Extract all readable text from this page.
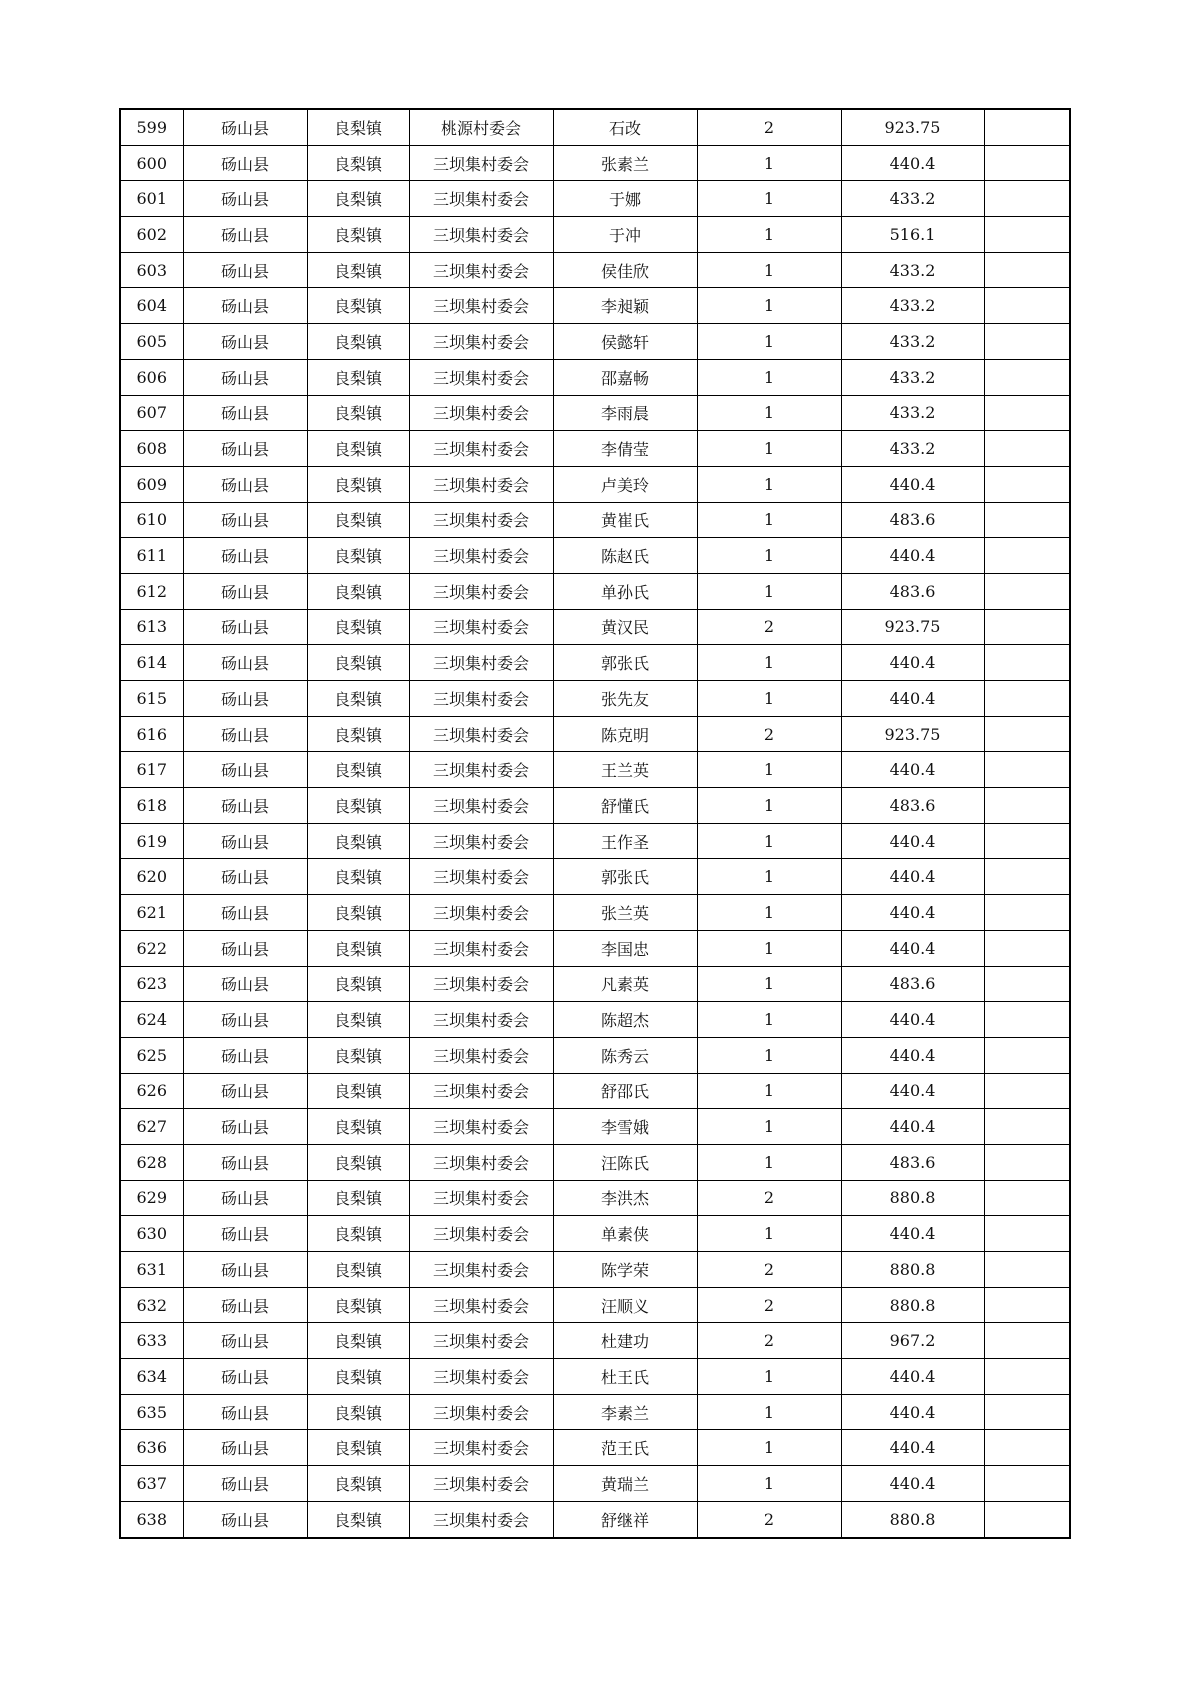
599	砀山县	良梨镇	桃源村委会	石改	2	923.75	
600	砀山县	良梨镇	三坝集村委会	张素兰	1	440.4	
601	砀山县	良梨镇	三坝集村委会	于娜	1	433.2	
602	砀山县	良梨镇	三坝集村委会	于冲	1	516.1	
603	砀山县	良梨镇	三坝集村委会	侯佳欣	1	433.2	
604	砀山县	良梨镇	三坝集村委会	李昶颖	1	433.2	
605	砀山县	良梨镇	三坝集村委会	侯懿轩	1	433.2	
606	砀山县	良梨镇	三坝集村委会	邵嘉畅	1	433.2	
607	砀山县	良梨镇	三坝集村委会	李雨晨	1	433.2	
608	砀山县	良梨镇	三坝集村委会	李倩莹	1	433.2	
609	砀山县	良梨镇	三坝集村委会	卢美玲	1	440.4	
610	砀山县	良梨镇	三坝集村委会	黄崔氏	1	483.6	
611	砀山县	良梨镇	三坝集村委会	陈赵氏	1	440.4	
612	砀山县	良梨镇	三坝集村委会	单孙氏	1	483.6	
613	砀山县	良梨镇	三坝集村委会	黄汉民	2	923.75	
614	砀山县	良梨镇	三坝集村委会	郭张氏	1	440.4	
615	砀山县	良梨镇	三坝集村委会	张先友	1	440.4	
616	砀山县	良梨镇	三坝集村委会	陈克明	2	923.75	
617	砀山县	良梨镇	三坝集村委会	王兰英	1	440.4	
618	砀山县	良梨镇	三坝集村委会	舒懂氏	1	483.6	
619	砀山县	良梨镇	三坝集村委会	王作圣	1	440.4	
620	砀山县	良梨镇	三坝集村委会	郭张氏	1	440.4	
621	砀山县	良梨镇	三坝集村委会	张兰英	1	440.4	
622	砀山县	良梨镇	三坝集村委会	李国忠	1	440.4	
623	砀山县	良梨镇	三坝集村委会	凡素英	1	483.6	
624	砀山县	良梨镇	三坝集村委会	陈超杰	1	440.4	
625	砀山县	良梨镇	三坝集村委会	陈秀云	1	440.4	
626	砀山县	良梨镇	三坝集村委会	舒邵氏	1	440.4	
627	砀山县	良梨镇	三坝集村委会	李雪娥	1	440.4	
628	砀山县	良梨镇	三坝集村委会	汪陈氏	1	483.6	
629	砀山县	良梨镇	三坝集村委会	李洪杰	2	880.8	
630	砀山县	良梨镇	三坝集村委会	单素侠	1	440.4	
631	砀山县	良梨镇	三坝集村委会	陈学荣	2	880.8	
632	砀山县	良梨镇	三坝集村委会	汪顺义	2	880.8	
633	砀山县	良梨镇	三坝集村委会	杜建功	2	967.2	
634	砀山县	良梨镇	三坝集村委会	杜王氏	1	440.4	
635	砀山县	良梨镇	三坝集村委会	李素兰	1	440.4	
636	砀山县	良梨镇	三坝集村委会	范王氏	1	440.4	
637	砀山县	良梨镇	三坝集村委会	黄瑞兰	1	440.4	
638	砀山县	良梨镇	三坝集村委会	舒继祥	2	880.8	
